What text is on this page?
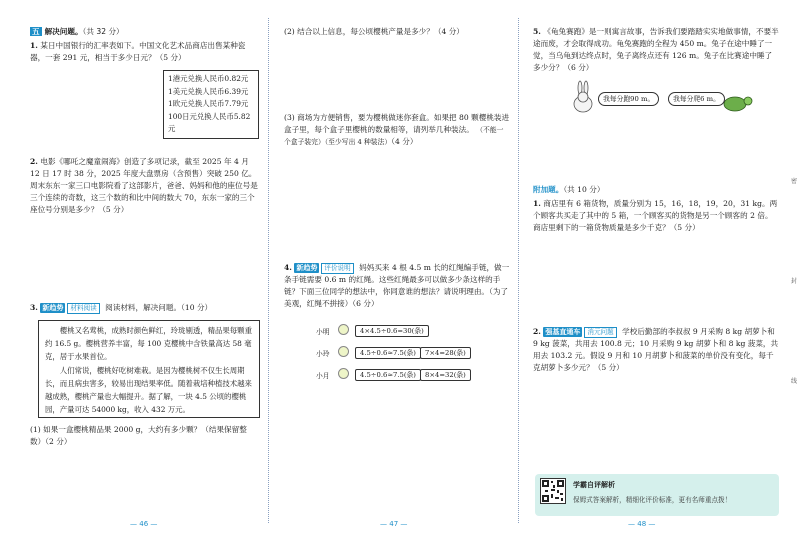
五 解决问题。（共 32 分）
1. 某日中国银行的汇率表如下。中国文化艺术品商店出售某种瓷器，一套 291 元，相当于多少日元？（5 分）
1港元兑换人民币0.82元
1美元兑换人民币6.39元
1欧元兑换人民币7.79元
100日元兑换人民币5.82元
2. 电影《哪吒之魔童闹海》创造了多项记录，截至 2025 年 4 月 12 日 17 时 38 分，2025 年度大盘票房（含预售）突破 250 亿。周末东东一家三口电影院看了这部影片，爸爸、妈妈和他的座位号是三个连续的奇数，这三个数的和比中间的数大 70，东东一家的三个座位号分别是多少？（5 分）
3. 新趋势 材料阅读 阅读材料，解决问题。（10 分）

樱桃又名莺桃，成熟时颜色鲜红，玲珑剔透，精品果每颗重约 16.5 g。樱桃营养丰富，每 100 克樱桃中含铁量高达 58 毫克，居于水果首位。

人们常说，樱桃好吃树难栽。是因为樱桃树不仅生长周期长，而且病虫害多，较易出现结果率低。随着栽培种植技术越来越成熟，樱桃产量也大幅提升。据了解，一块 4.5 公顷的樱桃园，产量可达 54000 kg，收入 432 万元。

(1) 如果一盒樱桃精品果 2000 g，大约有多少颗？（结果保留整数）（2 分）
(2) 结合以上信息，每公顷樱桃产量是多少？（4 分）
(3) 商场为方便销售，要为樱桃做迷你套盒。如果把 80 颗樱桃装进盒子里，每个盒子里樱桃的数量相等，请列举几种装法。 （不能一个盒子装完）（至少写出 4 种装法）（4 分）
4. 新趋势 评价说明 妈妈买来 4 根 4.5 m 长的红绳编手链，做一条手链需要 0.6 m 的红绳。这些红绳最多可以做多少条这样的手链？下面三位同学的想法中，你同意谁的想法？请说明理由。（为了美观，红绳不拼接）（6 分）
小明	4×4.5÷0.6=30(条)
小玲	4.5÷0.6≈7.5(条)	7×4=28(条)
小月	4.5÷0.6≈7.5(条)	8×4=32(条)
5. 《龟兔赛跑》是一则寓言故事，告诉我们要踏踏实实地做事情，不要半途而废，才会取得成功。龟兔赛跑的全程为 450 m。兔子在途中睡了一觉，当乌龟到达终点时，兔子离终点还有 126 m。兔子在比赛途中睡了多少分？（6 分）
我每分跑90 m。	我每分爬6 m。
附加题。（共 10 分）
1. 商店里有 6 箱货物，质量分别为 15，16，18，19，20，31 kg。两个顾客共买走了其中的 5 箱，一个顾客买的货物是另一个顾客的 2 倍。商店里剩下的一箱货物质量是多少千克？（5 分）
2. 强基直通车 消元问题 学校后勤部的李叔叔 9 月采购 8 kg 胡萝卜和 9 kg 菠菜，共用去 100.8 元；10 月采购 9 kg 胡萝卜和 8 kg 菠菜，共用去 103.2 元。假设 9 月和 10 月胡萝卜和菠菜的单价没有变化，每千克胡萝卜多少元？（5 分）
学霸自评解析
保姆式答案解析，精细化评价标准，更有名师重点拨！
— 46 —	— 47 —	— 48 —
密
封
线
